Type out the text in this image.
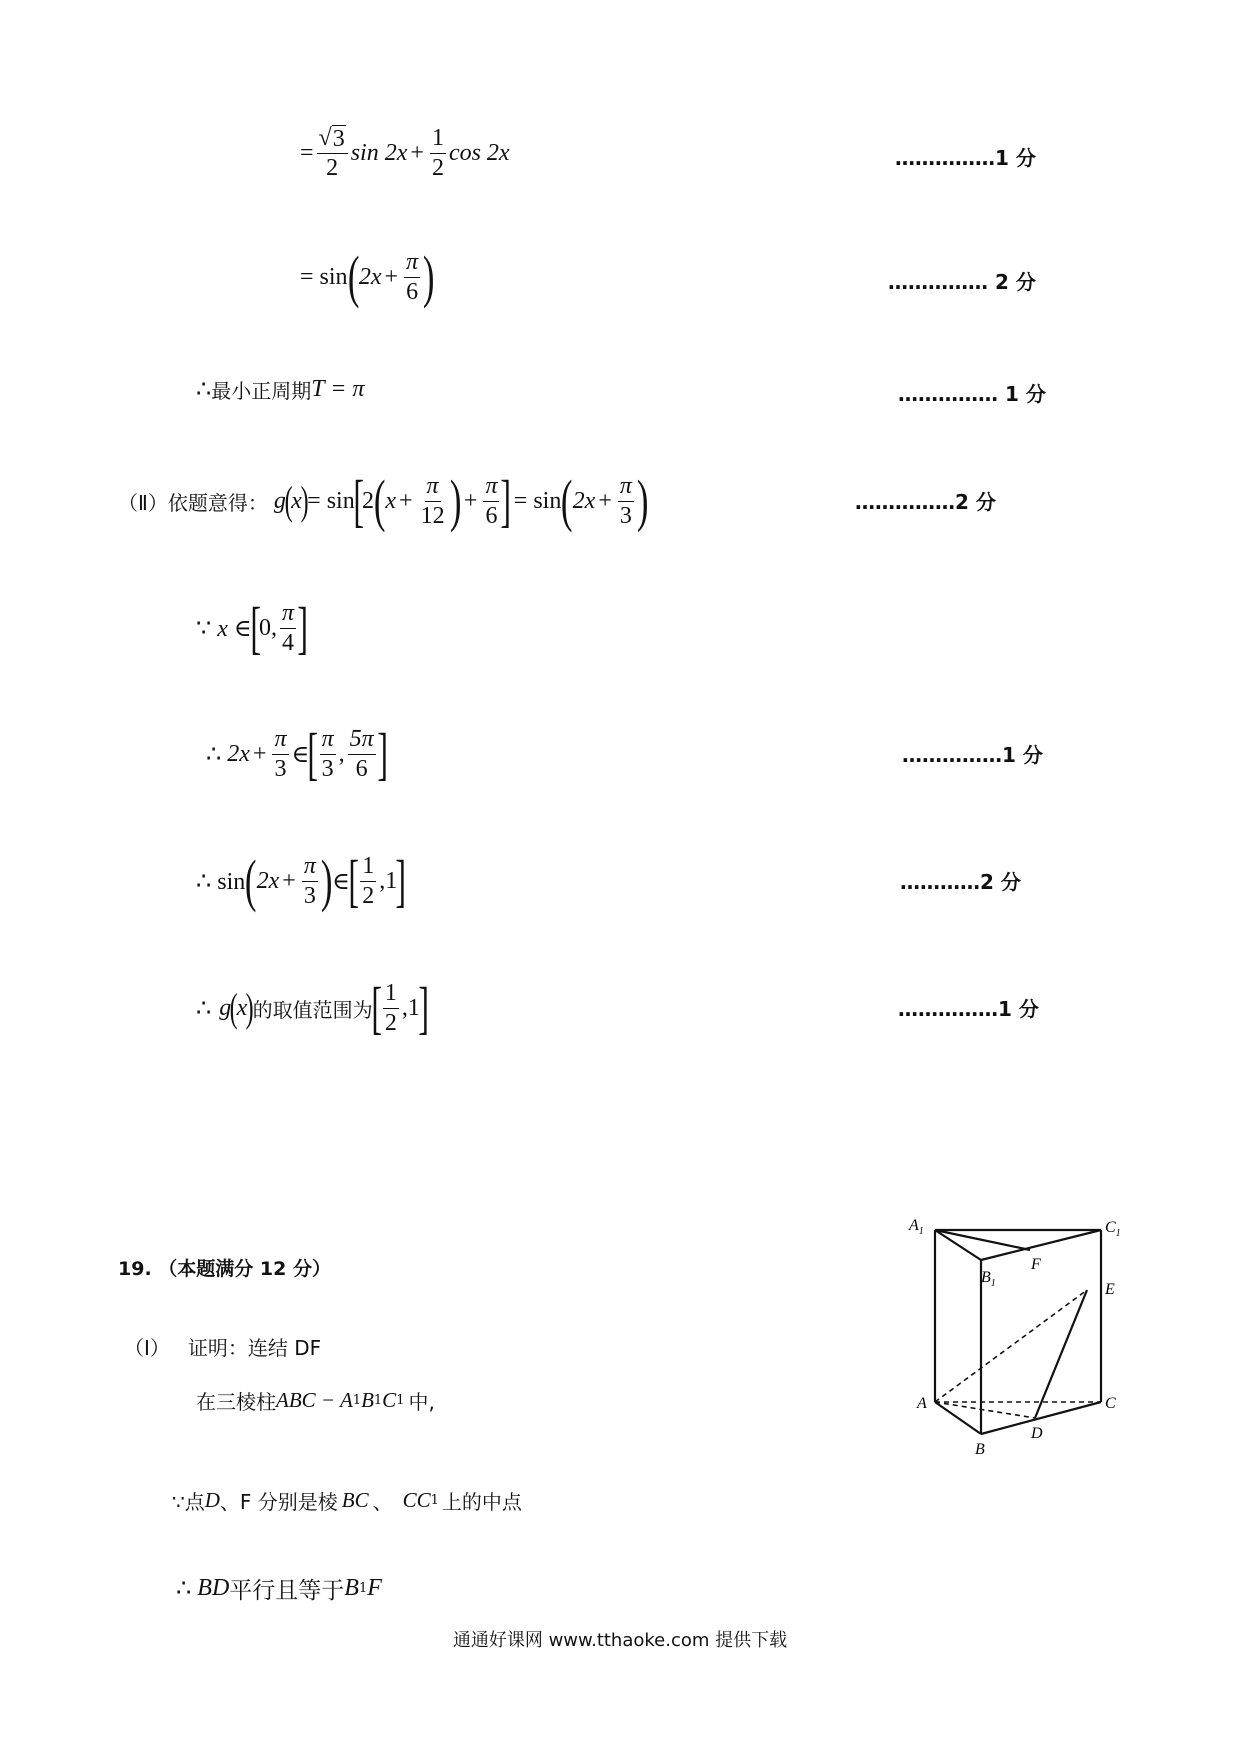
= $\frac{√ 3}{2}$ $\sin 2x + \frac{1}{2}$ cos 2x	……………1 分
= sin ( $2x + \frac{\pi}{6}$ )	…………… 2 分
∴ 最小正周期 T = π	…………… 1 分
（Ⅱ）依题意得： g
(
x
)
= sin
[
2 ( $x + \frac{\pi}{12}$ ) + $\frac{\pi}{6}$ ] = sin ( $2x + \frac{\pi}{3}$ )	……………2 分
∵ x ∈
[
0, $\frac{\pi}{4}$ ]
∴ $2x + \frac{\pi}{3}$ ∈
[ $\frac{\pi}{3}$ , $\frac{5\pi}{6}$ ]	……………1 分
∴ sin ( $2x + \frac{\pi}{3}$ ) ∈
[ $\frac{1}{2} ,1$
]	…………2 分
∴ g
(
x
)
的取值范围为
[ $\frac{1}{2} ,1$
]	……………1 分
19. （本题满分 12 分）
（Ⅰ） 证明：连结 DF
在三棱柱 ABC − A 1 B 1 C 1 中,
∵点 D 、F 分别是棱 BC 、 CC 1 上的中点
∴ BD 平行且等于 B 1 F
$A_1$	$C_1$
F
$B_1$	E
A	C
D
B
通通好课网 www.tthaoke.com 提供下载
